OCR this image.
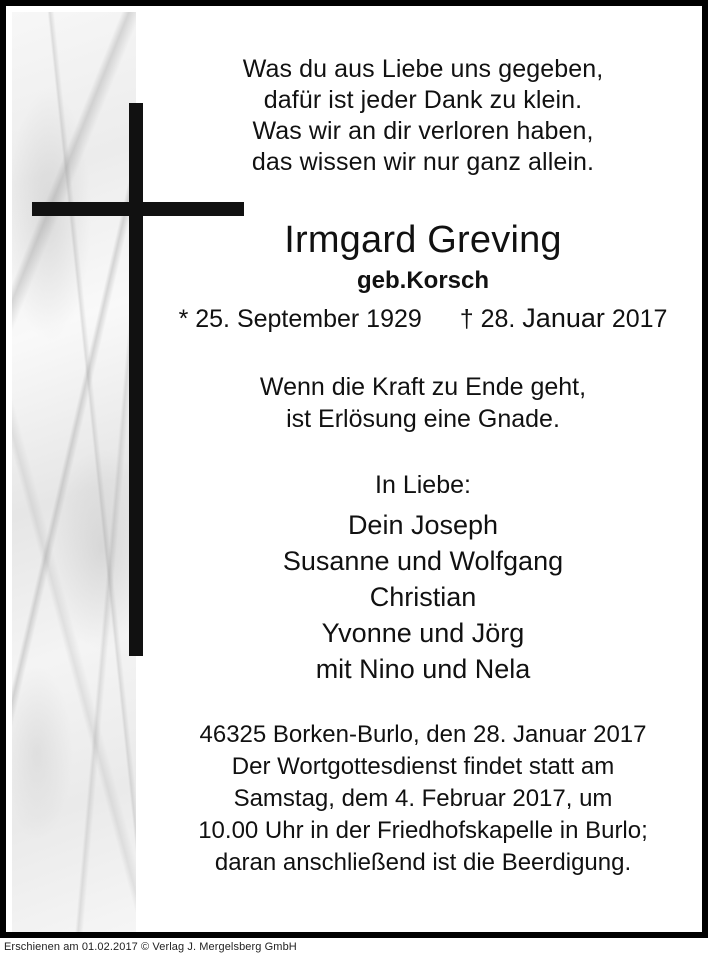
Was du aus Liebe uns gegeben,
dafür ist jeder Dank zu klein.
Was wir an dir verloren haben,
das wissen wir nur ganz allein.
Irmgard Greving
geb.Korsch
* 25. September 1929 † 28. Januar 2017
Wenn die Kraft zu Ende geht,
ist Erlösung eine Gnade.
In Liebe:
Dein Joseph
Susanne und Wolfgang
Christian
Yvonne und Jörg
mit Nino und Nela
46325 Borken-Burlo, den 28. Januar 2017
Der Wortgottesdienst findet statt am
Samstag, dem 4. Februar 2017, um
10.00 Uhr in der Friedhofskapelle in Burlo;
daran anschließend ist die Beerdigung.
Erschienen am 01.02.2017 © Verlag J. Mergelsberg GmbH
